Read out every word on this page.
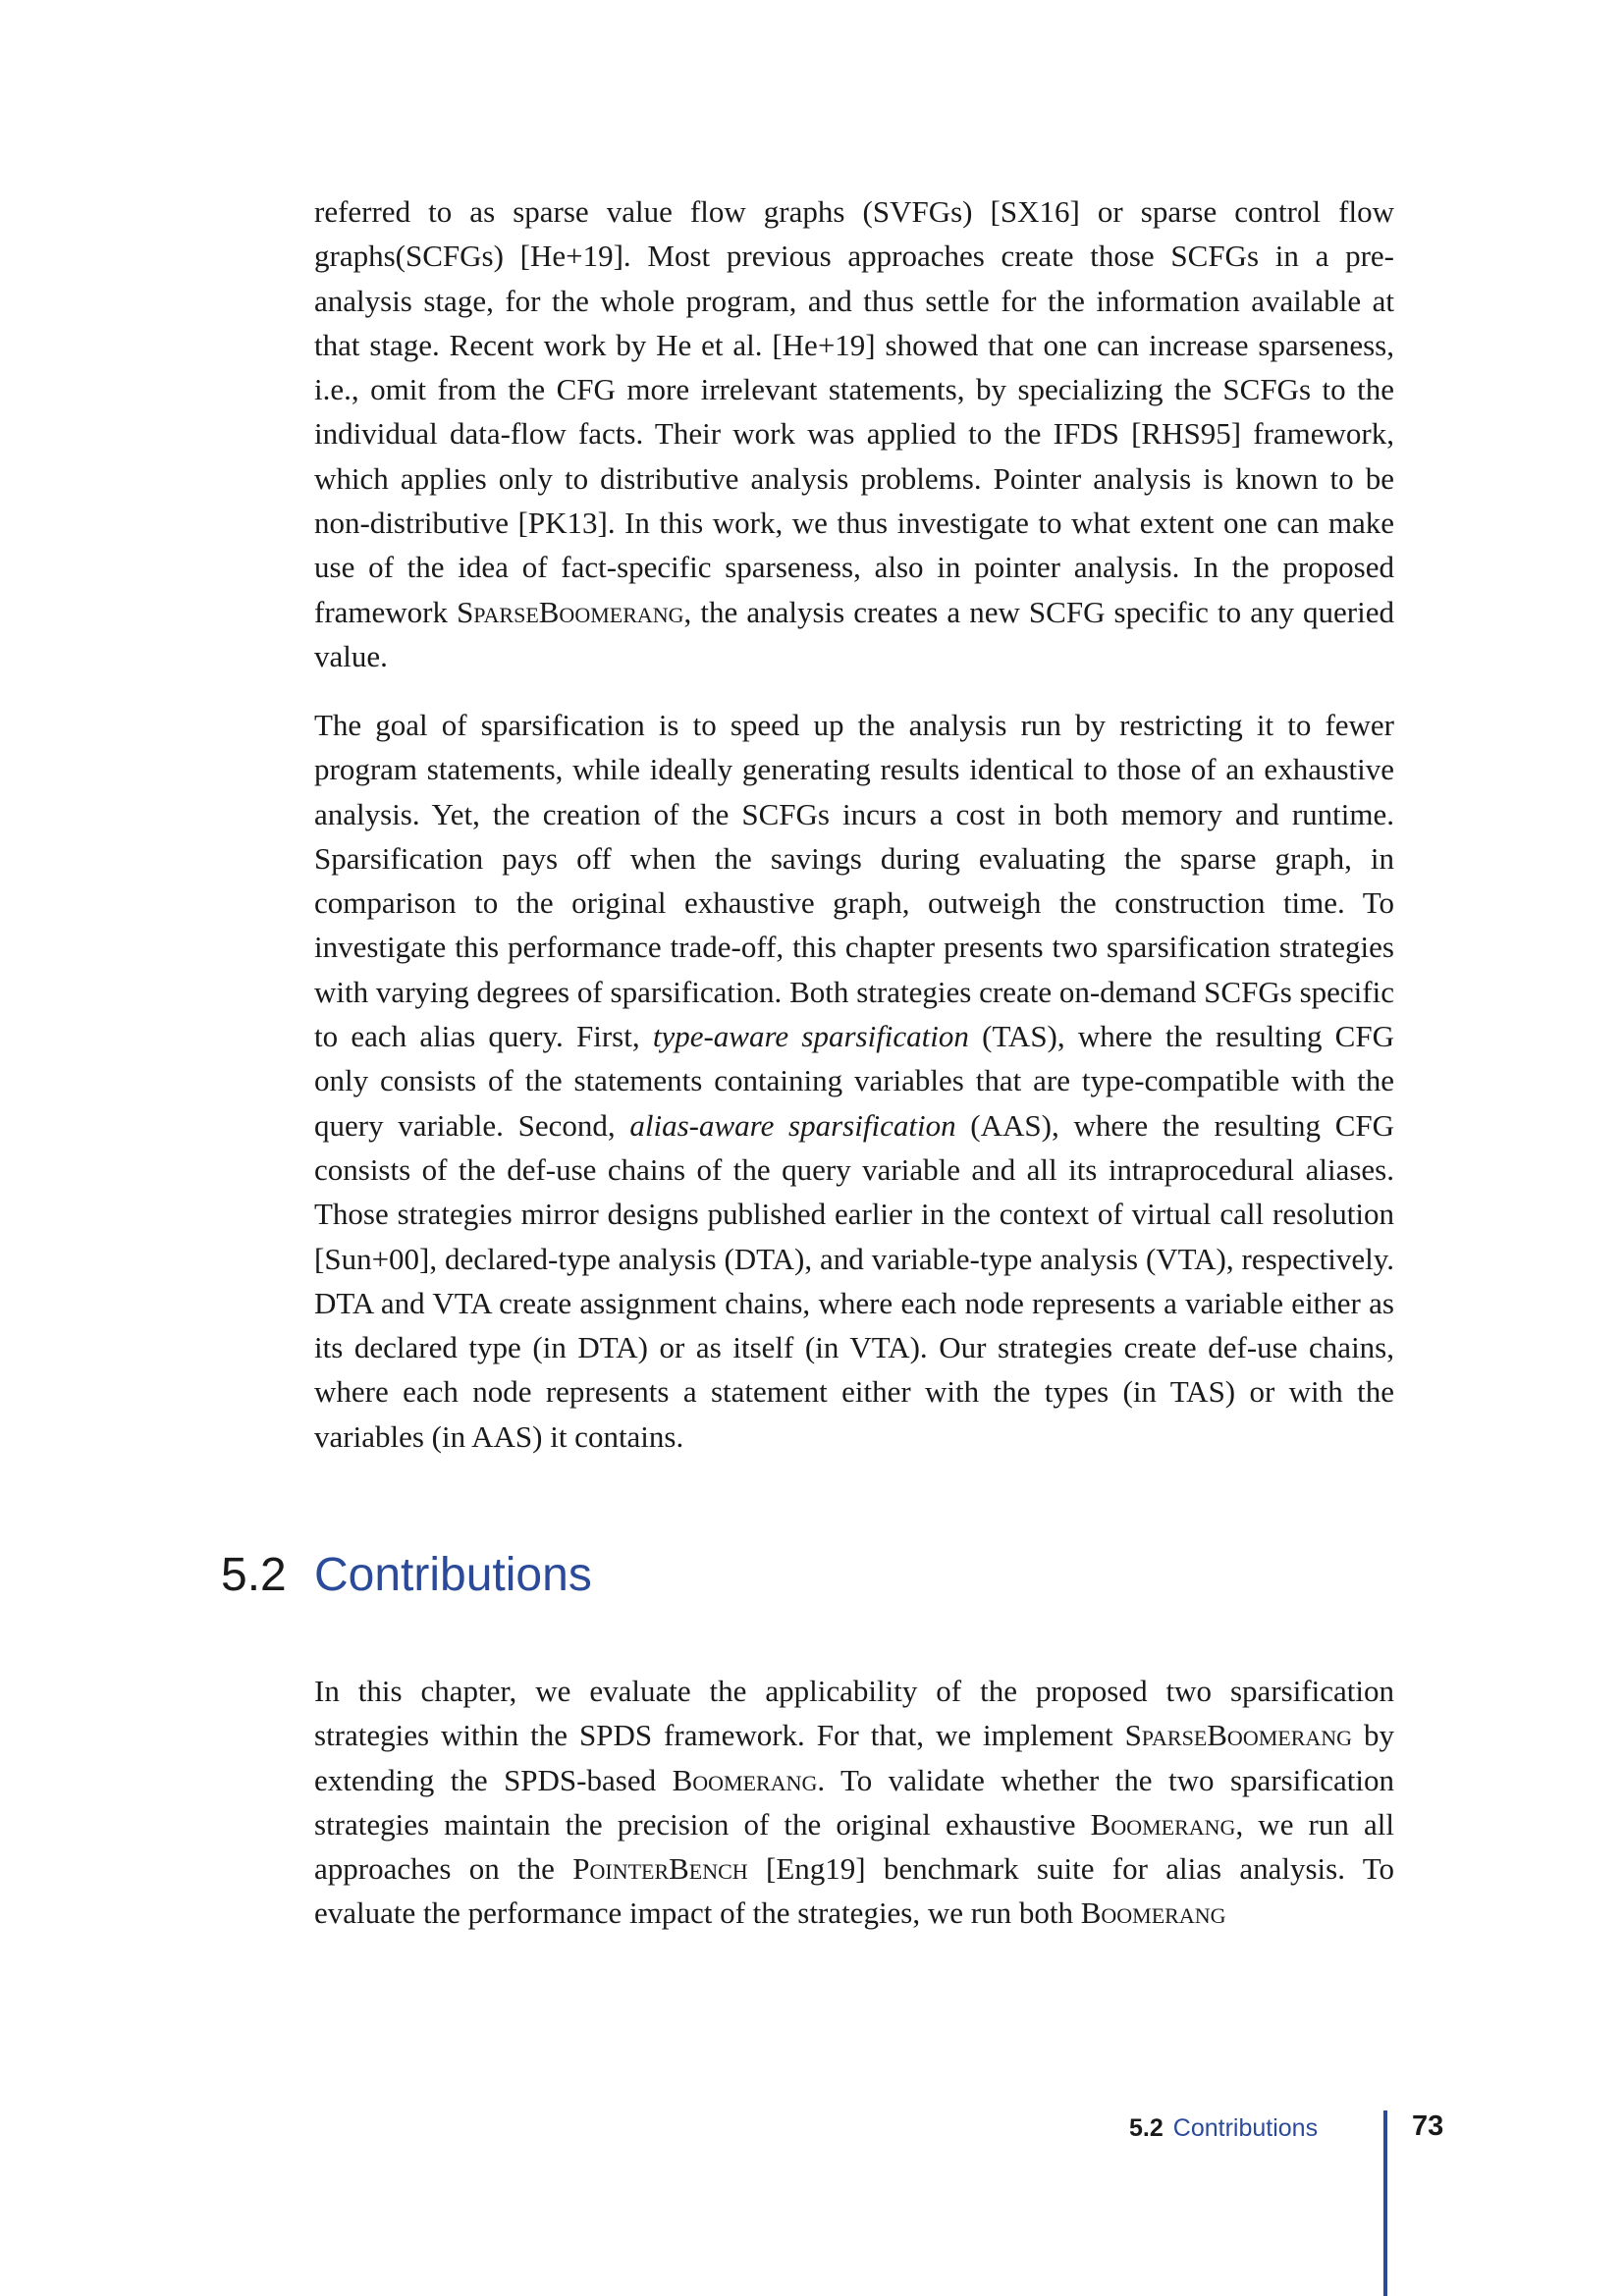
referred to as sparse value flow graphs (SVFGs) [SX16] or sparse control flow graphs(SCFGs) [He+19]. Most previous approaches create those SCFGs in a pre-analysis stage, for the whole program, and thus settle for the information available at that stage. Recent work by He et al. [He+19] showed that one can increase sparseness, i.e., omit from the CFG more irrelevant statements, by specializing the SCFGs to the individual data-flow facts. Their work was applied to the IFDS [RHS95] framework, which applies only to distributive analysis problems. Pointer analysis is known to be non-distributive [PK13]. In this work, we thus investigate to what extent one can make use of the idea of fact-specific sparseness, also in pointer analysis. In the proposed framework SparseBoomerang, the analysis creates a new SCFG specific to any queried value.

The goal of sparsification is to speed up the analysis run by restricting it to fewer program statements, while ideally generating results identical to those of an exhaustive analysis. Yet, the creation of the SCFGs incurs a cost in both memory and runtime. Sparsification pays off when the savings during evaluating the sparse graph, in comparison to the original exhaustive graph, outweigh the construction time. To investigate this performance trade-off, this chapter presents two sparsification strategies with varying degrees of sparsification. Both strategies create on-demand SCFGs specific to each alias query. First, type-aware sparsification (TAS), where the resulting CFG only consists of the statements containing variables that are type-compatible with the query variable. Second, alias-aware sparsification (AAS), where the resulting CFG consists of the def-use chains of the query variable and all its intraprocedural aliases. Those strategies mirror designs published earlier in the context of virtual call resolution [Sun+00], declared-type analysis (DTA), and variable-type analysis (VTA), respectively. DTA and VTA create assignment chains, where each node represents a variable either as its declared type (in DTA) or as itself (in VTA). Our strategies create def-use chains, where each node represents a statement either with the types (in TAS) or with the variables (in AAS) it contains.

5.2 Contributions

In this chapter, we evaluate the applicability of the proposed two sparsification strategies within the SPDS framework. For that, we implement SparseBoomerang by extending the SPDS-based Boomerang. To validate whether the two sparsification strategies maintain the precision of the original exhaustive Boomerang, we run all approaches on the PointerBench [Eng19] benchmark suite for alias analysis. To evaluate the performance impact of the strategies, we run both Boomerang

5.2 Contributions	73
